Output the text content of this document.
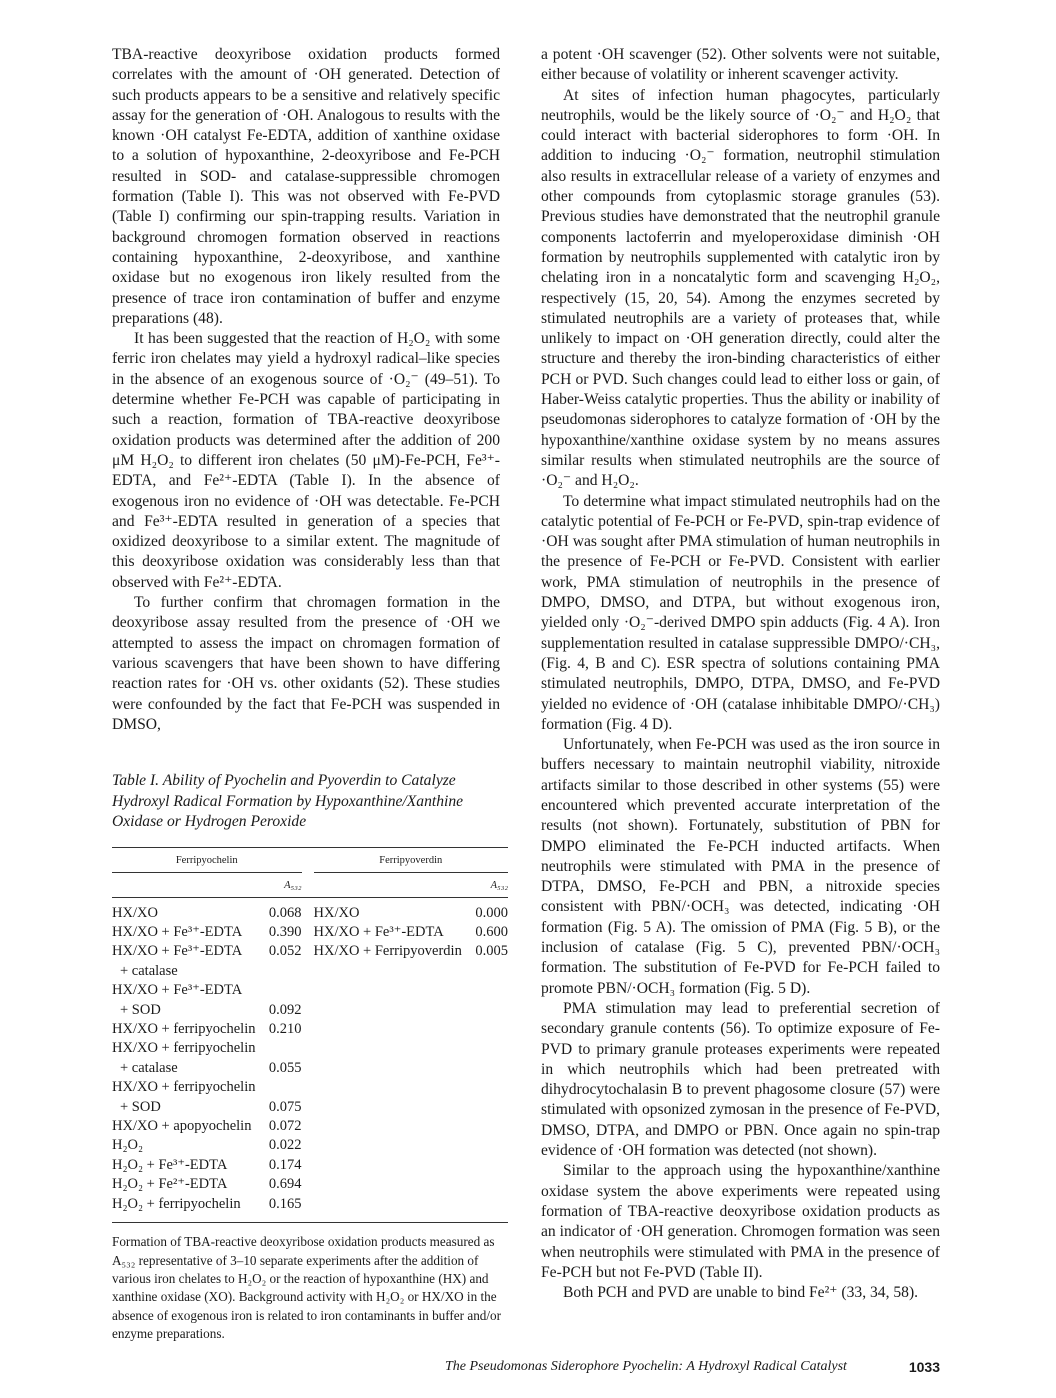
TBA-reactive deoxyribose oxidation products formed correlates with the amount of ·OH generated. Detection of such products appears to be a sensitive and relatively specific assay for the generation of ·OH. Analogous to results with the known ·OH catalyst Fe-EDTA, addition of xanthine oxidase to a solution of hypoxanthine, 2-deoxyribose and Fe-PCH resulted in SOD- and catalase-suppressible chromogen formation (Table I). This was not observed with Fe-PVD (Table I) confirming our spin-trapping results. Variation in background chromogen formation observed in reactions containing hypoxanthine, 2-deoxyribose, and xanthine oxidase but no exogenous iron likely resulted from the presence of trace iron contamination of buffer and enzyme preparations (48).

It has been suggested that the reaction of H₂O₂ with some ferric iron chelates may yield a hydroxyl radical–like species in the absence of an exogenous source of ·O₂⁻ (49–51). To determine whether Fe-PCH was capable of participating in such a reaction, formation of TBA-reactive deoxyribose oxidation products was determined after the addition of 200 μM H₂O₂ to different iron chelates (50 μM)-Fe-PCH, Fe³⁺-EDTA, and Fe²⁺-EDTA (Table I). In the absence of exogenous iron no evidence of ·OH was detectable. Fe-PCH and Fe³⁺-EDTA resulted in generation of a species that oxidized deoxyribose to a similar extent. The magnitude of this deoxyribose oxidation was considerably less than that observed with Fe²⁺-EDTA.

To further confirm that chromagen formation in the deoxyribose assay resulted from the presence of ·OH we attempted to assess the impact on chromagen formation of various scavengers that have been shown to have differing reaction rates for ·OH vs. other oxidants (52). These studies were confounded by the fact that Fe-PCH was suspended in DMSO,

Table I. Ability of Pyochelin and Pyoverdin to Catalyze Hydroxyl Radical Formation by Hypoxanthine/Xanthine Oxidase or Hydrogen Peroxide
Ferripyochelin			Ferripyoverdin	
	A₅₃₂			A₅₃₂
HX/XO	0.068		HX/XO	0.000
HX/XO + Fe³⁺-EDTA	0.390		HX/XO + Fe³⁺-EDTA	0.600
HX/XO + Fe³⁺-EDTA	0.052		HX/XO + Ferripyoverdin	0.005
+ catalase				
HX/XO + Fe³⁺-EDTA				
+ SOD	0.092			
HX/XO + ferripyochelin	0.210			
HX/XO + ferripyochelin				
+ catalase	0.055			
HX/XO + ferripyochelin				
+ SOD	0.075			
HX/XO + apopyochelin	0.072			
H₂O₂	0.022			
H₂O₂ + Fe³⁺-EDTA	0.174			
H₂O₂ + Fe²⁺-EDTA	0.694			
H₂O₂ + ferripyochelin	0.165			

Formation of TBA-reactive deoxyribose oxidation products measured as A₅₃₂ representative of 3–10 separate experiments after the addition of various iron chelates to H₂O₂ or the reaction of hypoxanthine (HX) and xanthine oxidase (XO). Background activity with H₂O₂ or HX/XO in the absence of exogenous iron is related to iron contaminants in buffer and/or enzyme preparations.

a potent ·OH scavenger (52). Other solvents were not suitable, either because of volatility or inherent scavenger activity.

At sites of infection human phagocytes, particularly neutrophils, would be the likely source of ·O₂⁻ and H₂O₂ that could interact with bacterial siderophores to form ·OH. In addition to inducing ·O₂⁻ formation, neutrophil stimulation also results in extracellular release of a variety of enzymes and other compounds from cytoplasmic storage granules (53). Previous studies have demonstrated that the neutrophil granule components lactoferrin and myeloperoxidase diminish ·OH formation by neutrophils supplemented with catalytic iron by chelating iron in a noncatalytic form and scavenging H₂O₂, respectively (15, 20, 54). Among the enzymes secreted by stimulated neutrophils are a variety of proteases that, while unlikely to impact on ·OH generation directly, could alter the structure and thereby the iron-binding characteristics of either PCH or PVD. Such changes could lead to either loss or gain, of Haber-Weiss catalytic properties. Thus the ability or inability of pseudomonas siderophores to catalyze formation of ·OH by the hypoxanthine/xanthine oxidase system by no means assures similar results when stimulated neutrophils are the source of ·O₂⁻ and H₂O₂.

To determine what impact stimulated neutrophils had on the catalytic potential of Fe-PCH or Fe-PVD, spin-trap evidence of ·OH was sought after PMA stimulation of human neutrophils in the presence of Fe-PCH or Fe-PVD. Consistent with earlier work, PMA stimulation of neutrophils in the presence of DMPO, DMSO, and DTPA, but without exogenous iron, yielded only ·O₂⁻-derived DMPO spin adducts (Fig. 4 A). Iron supplementation resulted in catalase suppressible DMPO/·CH₃, (Fig. 4, B and C). ESR spectra of solutions containing PMA stimulated neutrophils, DMPO, DTPA, DMSO, and Fe-PVD yielded no evidence of ·OH (catalase inhibitable DMPO/·CH₃) formation (Fig. 4 D).

Unfortunately, when Fe-PCH was used as the iron source in buffers necessary to maintain neutrophil viability, nitroxide artifacts similar to those described in other systems (55) were encountered which prevented accurate interpretation of the results (not shown). Fortunately, substitution of PBN for DMPO eliminated the Fe-PCH inducted artifacts. When neutrophils were stimulated with PMA in the presence of DTPA, DMSO, Fe-PCH and PBN, a nitroxide species consistent with PBN/·OCH₃ was detected, indicating ·OH formation (Fig. 5 A). The omission of PMA (Fig. 5 B), or the inclusion of catalase (Fig. 5 C), prevented PBN/·OCH₃ formation. The substitution of Fe-PVD for Fe-PCH failed to promote PBN/·OCH₃ formation (Fig. 5 D).

PMA stimulation may lead to preferential secretion of secondary granule contents (56). To optimize exposure of Fe-PVD to primary granule proteases experiments were repeated in which neutrophils which had been pretreated with dihydrocytochalasin B to prevent phagosome closure (57) were stimulated with opsonized zymosan in the presence of Fe-PVD, DMSO, DTPA, and DMPO or PBN. Once again no spin-trap evidence of ·OH formation was detected (not shown).

Similar to the approach using the hypoxanthine/xanthine oxidase system the above experiments were repeated using formation of TBA-reactive deoxyribose oxidation products as an indicator of ·OH generation. Chromogen formation was seen when neutrophils were stimulated with PMA in the presence of Fe-PCH but not Fe-PVD (Table II).

Both PCH and PVD are unable to bind Fe²⁺ (33, 34, 58).

The Pseudomonas Siderophore Pyochelin: A Hydroxyl Radical Catalyst	1033
